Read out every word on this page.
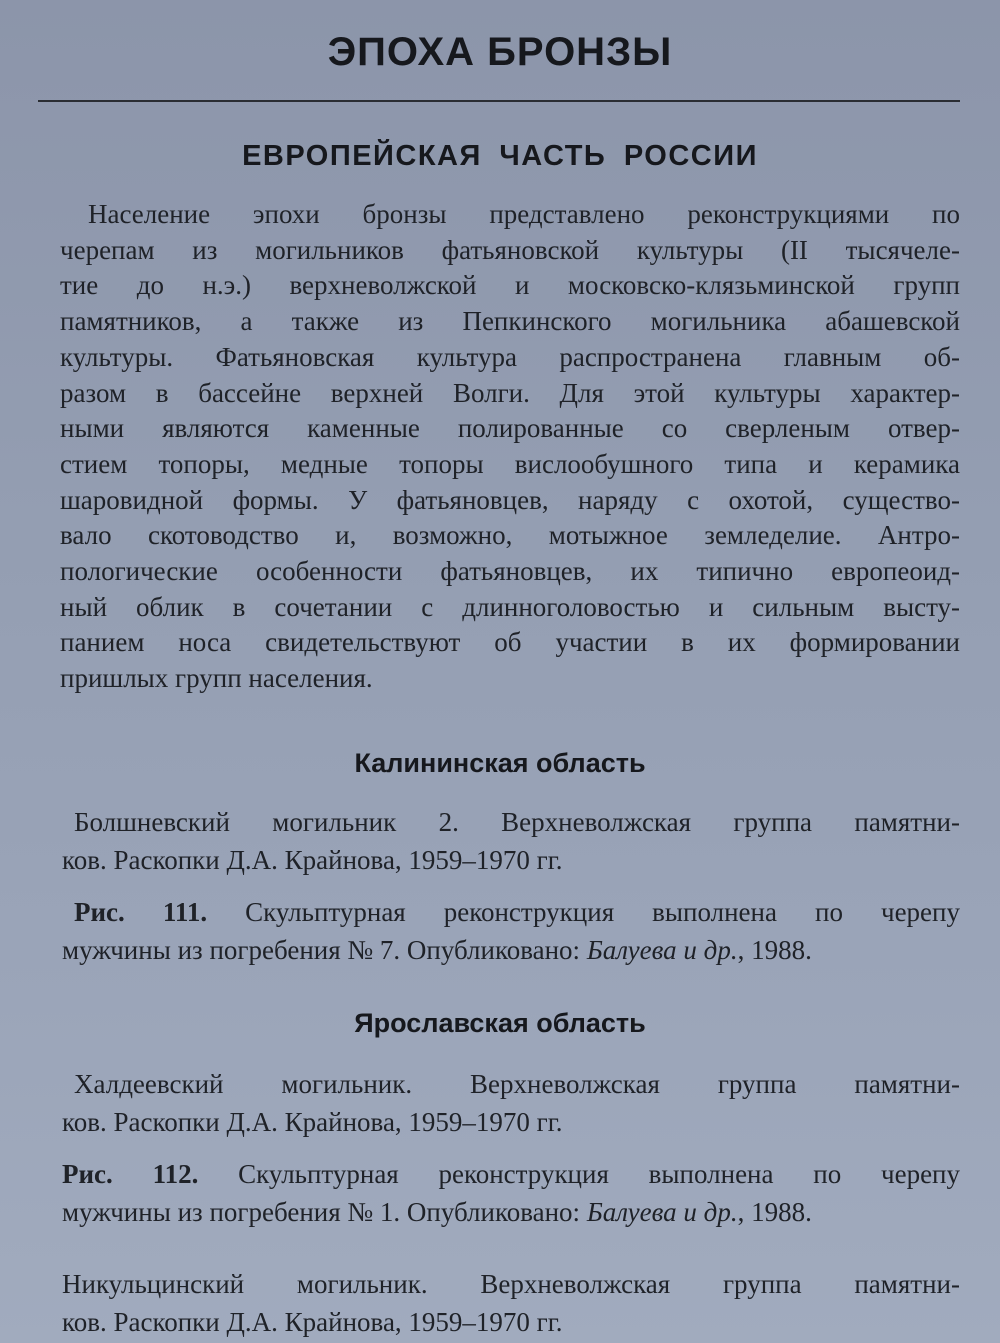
ЭПОХА БРОНЗЫ
ЕВРОПЕЙСКАЯ ЧАСТЬ РОССИИ
Население эпохи бронзы представлено реконструкциями по
черепам из могильников фатьяновской культуры (II тысячеле-
тие до н.э.) верхневолжской и московско-клязьминской групп
памятников, а также из Пепкинского могильника абашевской
культуры. Фатьяновская культура распространена главным об-
разом в бассейне верхней Волги. Для этой культуры характер-
ными являются каменные полированные со сверленым отвер-
стием топоры, медные топоры вислообушного типа и керамика
шаровидной формы. У фатьяновцев, наряду с охотой, существо-
вало скотоводство и, возможно, мотыжное земледелие. Антро-
пологические особенности фатьяновцев, их типично европеоид-
ный облик в сочетании с длинноголовостью и сильным высту-
панием носа свидетельствуют об участии в их формировании
пришлых групп населения.
Калининская область
Болшневский могильник 2. Верхневолжская группа памятни-
ков. Раскопки Д.А. Крайнова, 1959–1970 гг.
Рис. 111. Скульптурная реконструкция выполнена по черепу
мужчины из погребения № 7. Опубликовано: Балуева и др., 1988.
Ярославская область
Халдеевский могильник. Верхневолжская группа памятни-
ков. Раскопки Д.А. Крайнова, 1959–1970 гг.
Рис. 112. Скульптурная реконструкция выполнена по черепу
мужчины из погребения № 1. Опубликовано: Балуева и др., 1988.
Никульцинский могильник. Верхневолжская группа памятни-
ков. Раскопки Д.А. Крайнова, 1959–1970 гг.
